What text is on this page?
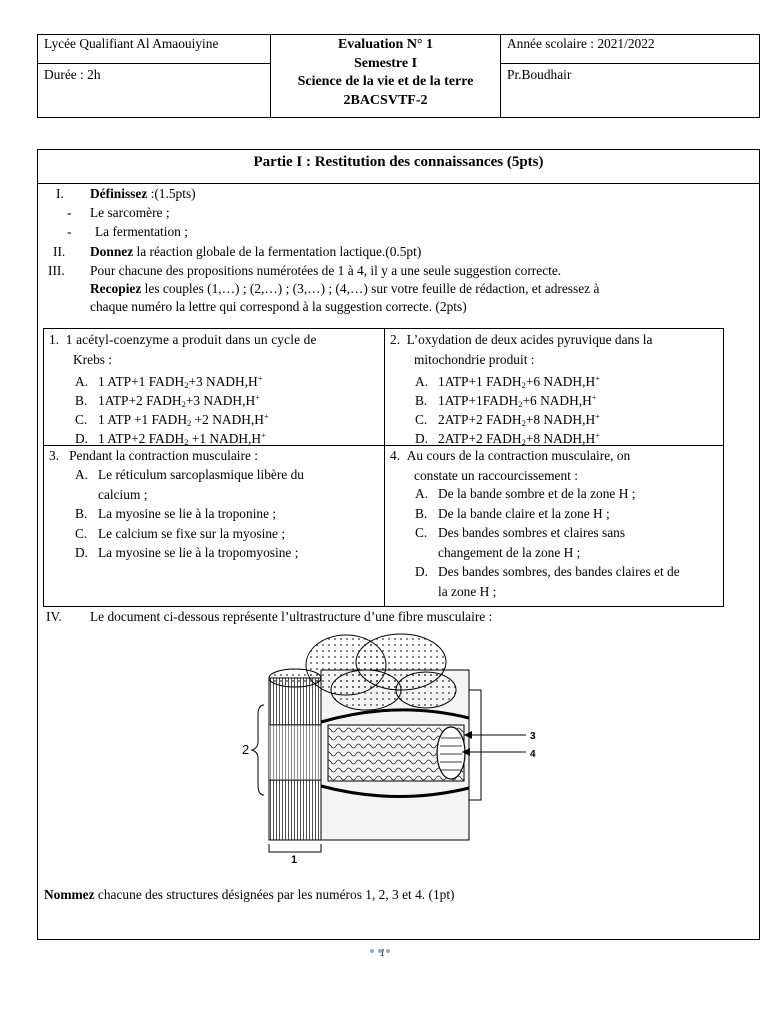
Lycée Qualifiant Al Amaouiyine
Durée : 2h
Evaluation N° 1
Semestre I
Science de la vie et de la terre
2BACSVTF-2
Année scolaire : 2021/2022
Pr.Boudhair
Partie I : Restitution des connaissances (5pts)
I. Définissez :(1.5pts)
- Le sarcomère ;
- La fermentation ;
II. Donnez la réaction globale de la fermentation lactique.(0.5pt)
III. Pour chacune des propositions numérotées de 1 à 4, il y a une seule suggestion correcte.
Recopiez les couples (1,…) ; (2,…) ; (3,…) ; (4,…) sur votre feuille de rédaction, et adressez à
chaque numéro la lettre qui correspond à la suggestion correcte. (2pts)
1. 1 acétyl-coenzyme a produit dans un cycle de
Krebs :
2. L’oxydation de deux acides pyruvique dans la
mitochondrie produit :
3. Pendant la contraction musculaire :	4. Au cours de la contraction musculaire, on
constate un raccourcissement :
A. 1 ATP+1 $FADH_2+3$ NADH,H+
B. 1ATP+2 $FADH_2+3$ NADH,H+
C. 1 ATP +1 $FADH_2 +2$ NADH,H+
D. 1 ATP+2 $FADH_2 +1$ NADH,H+
A. 1ATP+1 $FADH_2+6$ NADH,H+
B. $1ATP+1FADH_2+6$ NADH,H+
C. 2ATP+2 $FADH_2+8$ NADH,H+
D. 2ATP+2 $FADH_2+8$ NADH,H+
A. Le réticulum sarcoplasmique libère du
calcium ;
B. La myosine se lie à la troponine ;
C. Le calcium se fixe sur la myosine ;
D. La myosine se lie à la tropomyosine ;
A. De la bande sombre et de la zone H ;
B. De la bande claire et la zone H ;
C. Des bandes sombres et claires sans
changement de la zone H ;
D. Des bandes sombres, des bandes claires et de
la zone H ;
IV. Le document ci-dessous représente l’ultrastructure d’une fibre musculaire :
2
1
3
4
Nommez chacune des structures désignées par les numéros 1, 2, 3 et 4. (1pt)
1
